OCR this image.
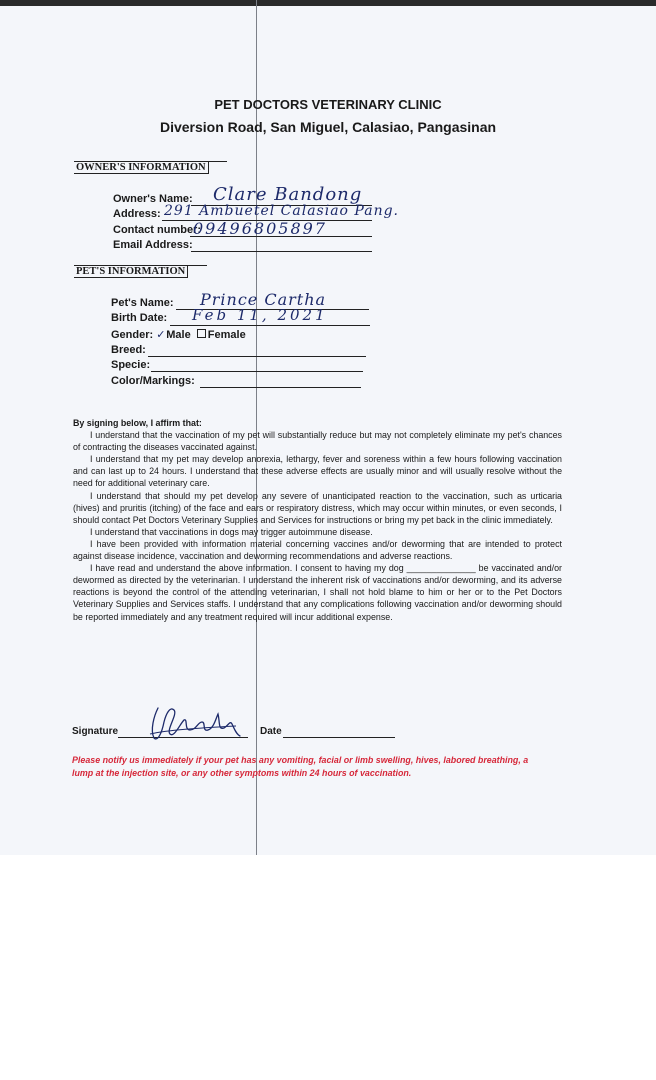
PET DOCTORS VETERINARY CLINIC
Diversion Road, San Miguel, Calasiao, Pangasinan
OWNER'S INFORMATION
Owner's Name: Clare Bandong
Address: 291 Ambuetel Calasiao Pang.
Contact number:
09496805897
Email Address:
PET'S INFORMATION
Pet's Name: Prince Cartha
Birth Date: Feb 11, 2021
Gender: ✓Male Female
Breed:
Specie:
Color/Markings:

By signing below, I affirm that:

I understand that the vaccination of my pet will substantially reduce but may not completely eliminate my pet's chances of contracting the diseases vaccinated against.

I understand that my pet may develop anorexia, lethargy, fever and soreness within a few hours following vaccination and can last up to 24 hours. I understand that these adverse effects are usually minor and will usually resolve without the need for additional veterinary care.

I understand that should my pet develop any severe of unanticipated reaction to the vaccination, such as urticaria (hives) and pruritis (itching) of the face and ears or respiratory distress, which may occur within minutes, or even seconds, I should contact Pet Doctors Veterinary Supplies and Services for instructions or bring my pet back in the clinic immediately.

I understand that vaccinations in dogs may trigger autoimmune disease.

I have been provided with information material concerning vaccines and/or deworming that are intended to protect against disease incidence, vaccination and deworming recommendations and adverse reactions.

I have read and understand the above information. I consent to having my dog ______________ be vaccinated and/or dewormed as directed by the veterinarian. I understand the inherent risk of vaccinations and/or deworming, and its adverse reactions is beyond the control of the attending veterinarian, I shall not hold blame to him or her or to the Pet Doctors Veterinary Supplies and Services staffs. I understand that any complications following vaccination and/or deworming should be reported immediately and any treatment required will incur additional expense.

Signature	Date
Please notify us immediately if your pet has any vomiting, facial or limb swelling, hives, labored breathing, a lump at the injection site, or any other symptoms within 24 hours of vaccination.
